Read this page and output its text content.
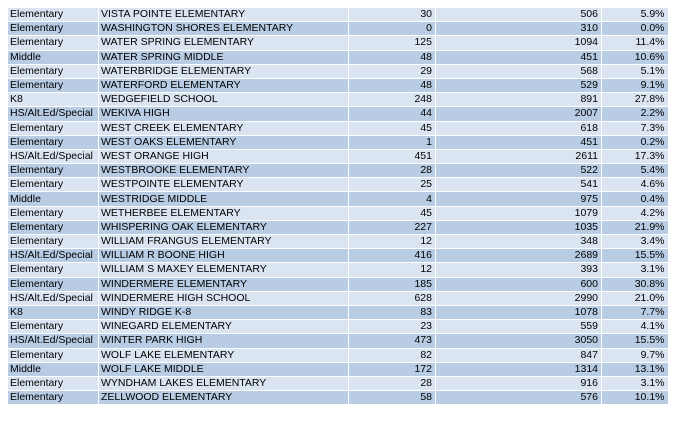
Elementary	VISTA POINTE ELEMENTARY	30	506	5.9%
Elementary	WASHINGTON SHORES ELEMENTARY	0	310	0.0%
Elementary	WATER SPRING ELEMENTARY	125	1094	11.4%
Middle	WATER SPRING MIDDLE	48	451	10.6%
Elementary	WATERBRIDGE ELEMENTARY	29	568	5.1%
Elementary	WATERFORD ELEMENTARY	48	529	9.1%
K8	WEDGEFIELD SCHOOL	248	891	27.8%
HS/Alt.Ed/Special	WEKIVA HIGH	44	2007	2.2%
Elementary	WEST CREEK ELEMENTARY	45	618	7.3%
Elementary	WEST OAKS ELEMENTARY	1	451	0.2%
HS/Alt.Ed/Special	WEST ORANGE HIGH	451	2611	17.3%
Elementary	WESTBROOKE ELEMENTARY	28	522	5.4%
Elementary	WESTPOINTE ELEMENTARY	25	541	4.6%
Middle	WESTRIDGE MIDDLE	4	975	0.4%
Elementary	WETHERBEE ELEMENTARY	45	1079	4.2%
Elementary	WHISPERING OAK ELEMENTARY	227	1035	21.9%
Elementary	WILLIAM FRANGUS ELEMENTARY	12	348	3.4%
HS/Alt.Ed/Special	WILLIAM R BOONE HIGH	416	2689	15.5%
Elementary	WILLIAM S MAXEY ELEMENTARY	12	393	3.1%
Elementary	WINDERMERE ELEMENTARY	185	600	30.8%
HS/Alt.Ed/Special	WINDERMERE HIGH SCHOOL	628	2990	21.0%
K8	WINDY RIDGE K-8	83	1078	7.7%
Elementary	WINEGARD ELEMENTARY	23	559	4.1%
HS/Alt.Ed/Special	WINTER PARK HIGH	473	3050	15.5%
Elementary	WOLF LAKE ELEMENTARY	82	847	9.7%
Middle	WOLF LAKE MIDDLE	172	1314	13.1%
Elementary	WYNDHAM LAKES ELEMENTARY	28	916	3.1%
Elementary	ZELLWOOD ELEMENTARY	58	576	10.1%
